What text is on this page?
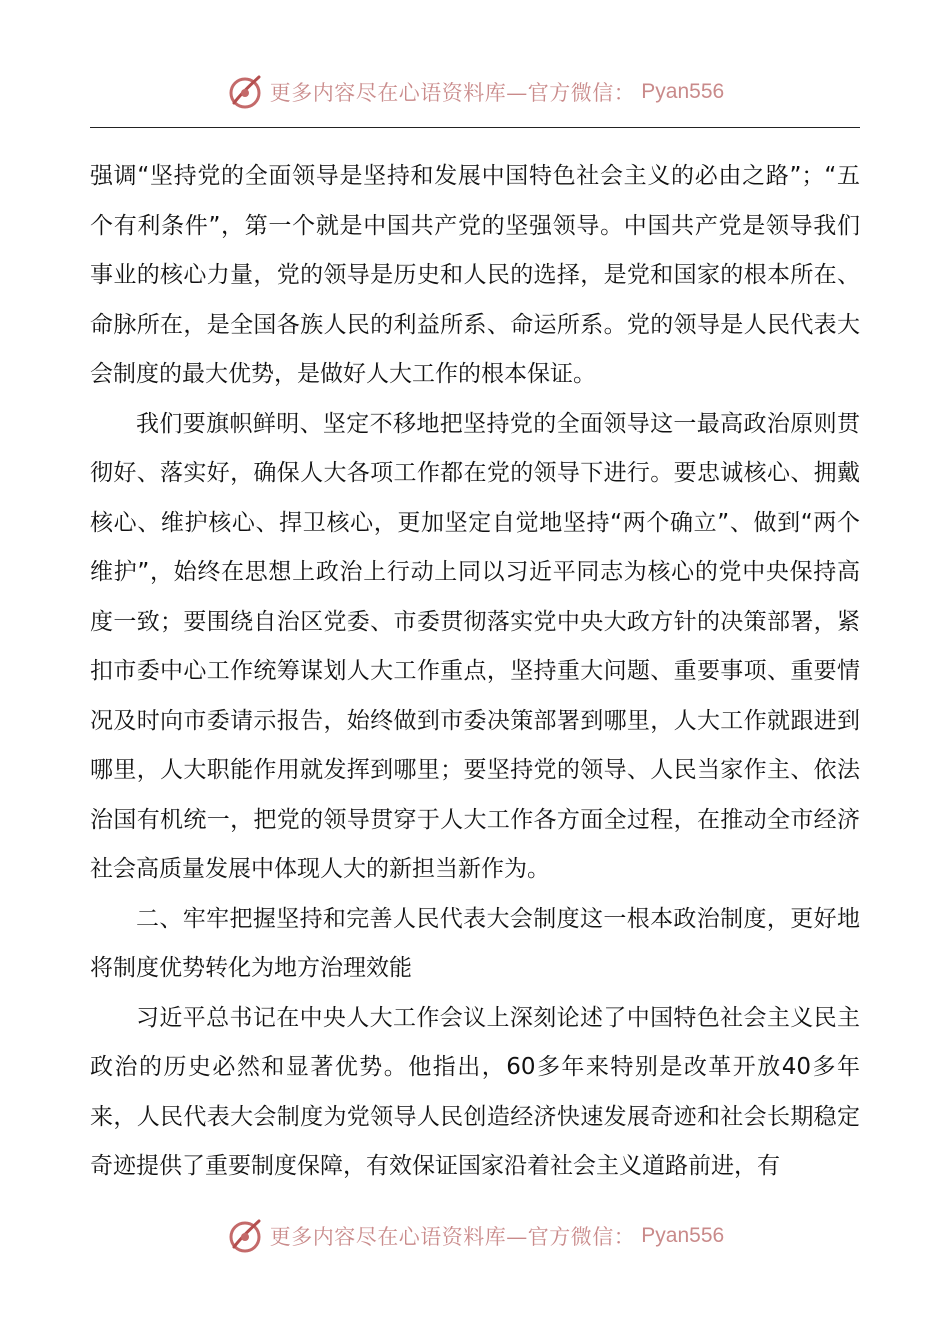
更多内容尽在心语资料库—官方微信： Pyan556

强调“坚持党的全面领导是坚持和发展中国特色社会主义的必由之路”；“五个有利条件”，第一个就是中国共产党的坚强领导。中国共产党是领导我们事业的核心力量，党的领导是历史和人民的选择，是党和国家的根本所在、命脉所在，是全国各族人民的利益所系、命运所系。党的领导是人民代表大会制度的最大优势，是做好人大工作的根本保证。

我们要旗帜鲜明、坚定不移地把坚持党的全面领导这一最高政治原则贯彻好、落实好，确保人大各项工作都在党的领导下进行。要忠诚核心、拥戴核心、维护核心、捍卫核心，更加坚定自觉地坚持“两个确立”、做到“两个维护”，始终在思想上政治上行动上同以习近平同志为核心的党中央保持高度一致；要围绕自治区党委、市委贯彻落实党中央大政方针的决策部署，紧扣市委中心工作统筹谋划人大工作重点，坚持重大问题、重要事项、重要情况及时向市委请示报告，始终做到市委决策部署到哪里，人大工作就跟进到哪里，人大职能作用就发挥到哪里；要坚持党的领导、人民当家作主、依法治国有机统一，把党的领导贯穿于人大工作各方面全过程，在推动全市经济社会高质量发展中体现人大的新担当新作为。

二、牢牢把握坚持和完善人民代表大会制度这一根本政治制度，更好地将制度优势转化为地方治理效能

习近平总书记在中央人大工作会议上深刻论述了中国特色社会主义民主政治的历史必然和显著优势。他指出，60多年来特别是改革开放40多年来，人民代表大会制度为党领导人民创造经济快速发展奇迹和社会长期稳定奇迹提供了重要制度保障，有效保证国家沿着社会主义道路前进，有

更多内容尽在心语资料库—官方微信： Pyan556
